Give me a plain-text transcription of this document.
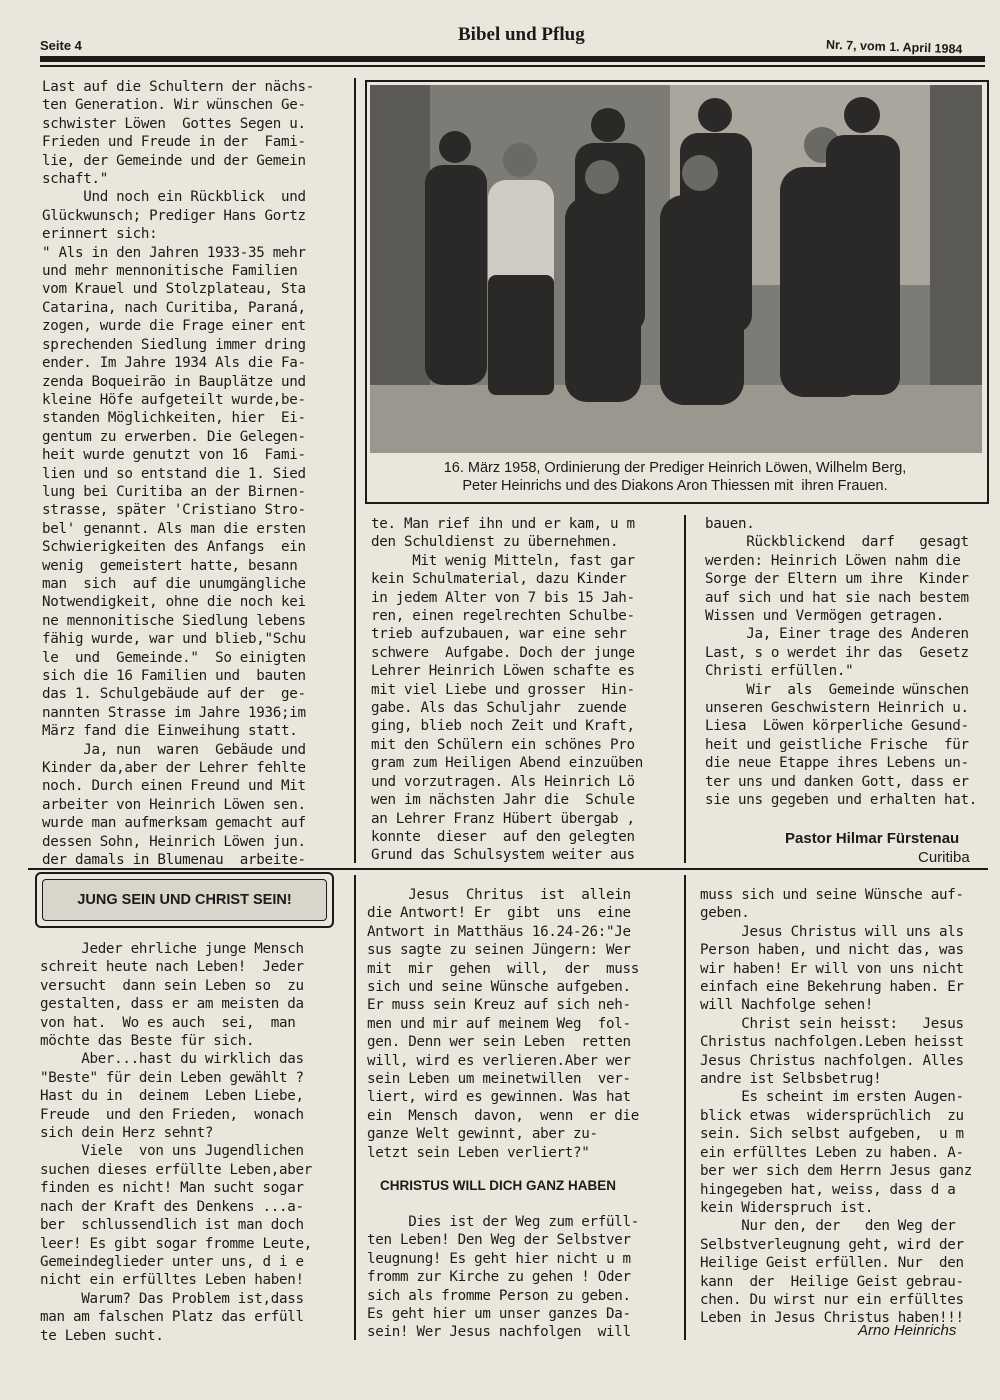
Seite 4
Bibel und Pflug
Nr. 7, vom 1. April 1984
Last auf die Schultern der nächs-
ten Generation. Wir wünschen Ge-
schwister Löwen  Gottes Segen u.
Frieden und Freude in der  Fami-
lie, der Gemeinde und der Gemein
schaft."
Und noch ein Rückblick  und
Glückwunsch; Prediger Hans Gortz
erinnert sich:
" Als in den Jahren 1933-35 mehr
und mehr mennonitische Familien
vom Krauel und Stolzplateau, Sta
Catarina, nach Curitiba, Paraná,
zogen, wurde die Frage einer ent
sprechenden Siedlung immer dring
ender. Im Jahre 1934 Als die Fa-
zenda Boqueirão in Bauplätze und
kleine Höfe aufgeteilt wurde,be-
standen Möglichkeiten, hier  Ei-
gentum zu erwerben. Die Gelegen-
heit wurde genutzt von 16  Fami-
lien und so entstand die 1. Sied
lung bei Curitiba an der Birnen-
strasse, später 'Cristiano Stro-
bel' genannt. Als man die ersten
Schwierigkeiten des Anfangs  ein
wenig  gemeistert hatte, besann
man  sich  auf die unumgängliche
Notwendigkeit, ohne die noch kei
ne mennonitische Siedlung lebens
fähig wurde, war und blieb,"Schu
le  und  Gemeinde."  So einigten
sich die 16 Familien und  bauten
das 1. Schulgebäude auf der  ge-
nannten Strasse im Jahre 1936;im
März fand die Einweihung statt.
Ja, nun  waren  Gebäude und
Kinder da,aber der Lehrer fehlte
noch. Durch einen Freund und Mit
arbeiter von Heinrich Löwen sen.
wurde man aufmerksam gemacht auf
dessen Sohn, Heinrich Löwen jun.
der damals in Blumenau  arbeite-
16. März 1958, Ordinierung der Prediger Heinrich Löwen, Wilhelm Berg,
Peter Heinrichs und des Diakons Aron Thiessen mit  ihren Frauen.
te. Man rief ihn und er kam, u m
den Schuldienst zu übernehmen.
Mit wenig Mitteln, fast gar
kein Schulmaterial, dazu Kinder
in jedem Alter von 7 bis 15 Jah-
ren, einen regelrechten Schulbe-
trieb aufzubauen, war eine sehr
schwere  Aufgabe. Doch der junge
Lehrer Heinrich Löwen schafte es
mit viel Liebe und grosser  Hin-
gabe. Als das Schuljahr  zuende
ging, blieb noch Zeit und Kraft,
mit den Schülern ein schönes Pro
gram zum Heiligen Abend einzuüben
und vorzutragen. Als Heinrich Lö
wen im nächsten Jahr die  Schule
an Lehrer Franz Hübert übergab ,
konnte  dieser  auf den gelegten
Grund das Schulsystem weiter aus
bauen.
Rückblickend  darf   gesagt
werden: Heinrich Löwen nahm die
Sorge der Eltern um ihre  Kinder
auf sich und hat sie nach bestem
Wissen und Vermögen getragen.
Ja, Einer trage des Anderen
Last, s o werdet ihr das  Gesetz
Christi erfüllen."
Wir  als  Gemeinde wünschen
unseren Geschwistern Heinrich u.
Liesa  Löwen körperliche Gesund-
heit und geistliche Frische  für
die neue Etappe ihres Lebens un-
ter uns und danken Gott, dass er
sie uns gegeben und erhalten hat.
Pastor Hilmar Fürstenau
Curitiba
JUNG SEIN UND CHRIST SEIN!
Jeder ehrliche junge Mensch
schreit heute nach Leben!  Jeder
versucht  dann sein Leben so  zu
gestalten, dass er am meisten da
von hat.  Wo es auch  sei,  man
möchte das Beste für sich.
Aber...hast du wirklich das
"Beste" für dein Leben gewählt ?
Hast du in  deinem  Leben Liebe,
Freude  und den Frieden,  wonach
sich dein Herz sehnt?
Viele  von uns Jugendlichen
suchen dieses erfüllte Leben,aber
finden es nicht! Man sucht sogar
nach der Kraft des Denkens ...a-
ber  schlussendlich ist man doch
leer! Es gibt sogar fromme Leute,
Gemeindeglieder unter uns, d i e
nicht ein erfülltes Leben haben!
Warum? Das Problem ist,dass
man am falschen Platz das erfüll
te Leben sucht.
Jesus  Chritus  ist  allein
die Antwort! Er  gibt  uns  eine
Antwort in Matthäus 16.24-26:"Je
sus sagte zu seinen Jüngern: Wer
mit  mir  gehen  will,  der  muss
sich und seine Wünsche aufgeben.
Er muss sein Kreuz auf sich neh-
men und mir auf meinem Weg  fol-
gen. Denn wer sein Leben  retten
will, wird es verlieren.Aber wer
sein Leben um meinetwillen  ver-
liert, wird es gewinnen. Was hat
ein  Mensch  davon,  wenn  er die
ganze Welt gewinnt, aber zu-
letzt sein Leben verliert?"
CHRISTUS WILL DICH GANZ HABEN
Dies ist der Weg zum erfüll-
ten Leben! Den Weg der Selbstver
leugnung! Es geht hier nicht u m
fromm zur Kirche zu gehen ! Oder
sich als fromme Person zu geben.
Es geht hier um unser ganzes Da-
sein! Wer Jesus nachfolgen  will
muss sich und seine Wünsche auf-
geben.
Jesus Christus will uns als
Person haben, und nicht das, was
wir haben! Er will von uns nicht
einfach eine Bekehrung haben. Er
will Nachfolge sehen!
Christ sein heisst:   Jesus
Christus nachfolgen.Leben heisst
Jesus Christus nachfolgen. Alles
andre ist Selbsbetrug!
Es scheint im ersten Augen-
blick etwas  widersprüchlich  zu
sein. Sich selbst aufgeben,  u m
ein erfülltes Leben zu haben. A-
ber wer sich dem Herrn Jesus ganz
hingegeben hat, weiss, dass d a
kein Widerspruch ist.
Nur den, der   den Weg der
Selbstverleugnung geht, wird der
Heilige Geist erfüllen. Nur  den
kann  der  Heilige Geist gebrau-
chen. Du wirst nur ein erfülltes
Leben in Jesus Christus haben!!!
Arno Heinrichs
